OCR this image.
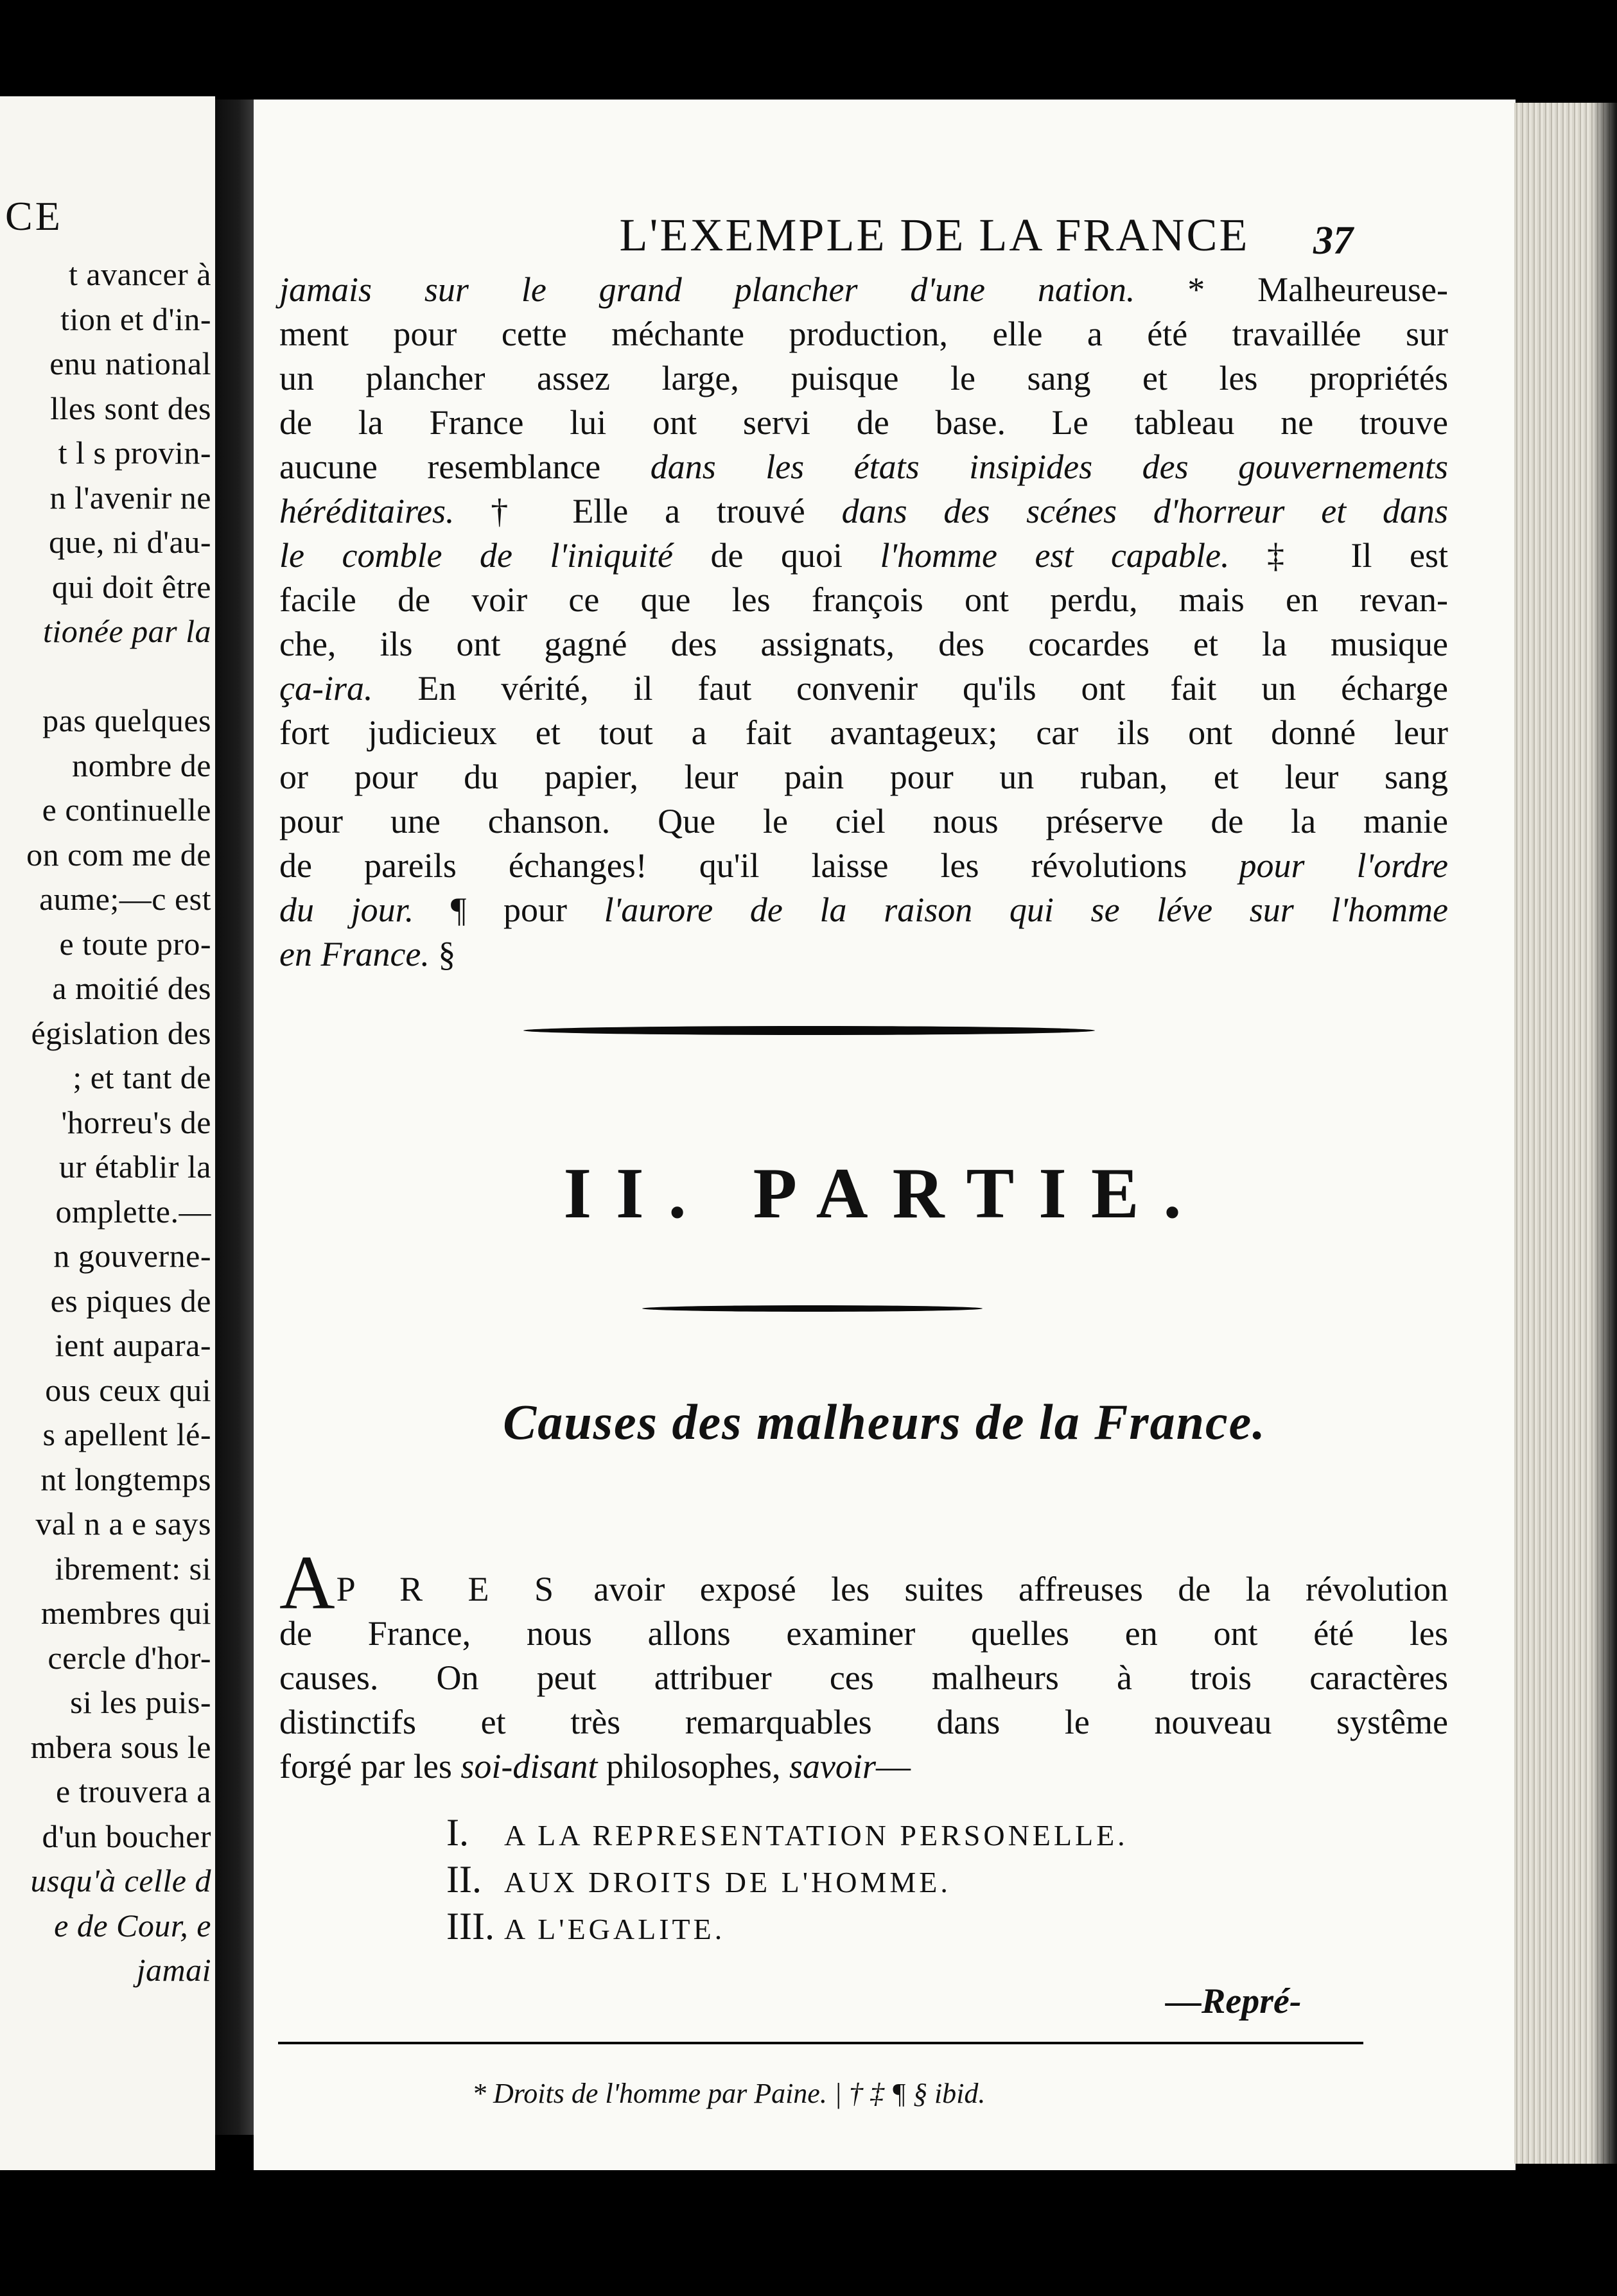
CE
t avancer à
tion et d'in-
enu national
lles sont des
t l s provin-
n l'avenir ne
que, ni d'au-
qui doit être
tionée par la
pas quelques
nombre de
e continuelle
on com me de
aume;—c est
e toute pro-
a moitié des
égislation des
; et tant de
'horreu's de
ur établir la
omplette.—
n gouverne-
es piques de
ient aupara-
ous ceux qui
s apellent lé-
nt longtemps
val n a e says
ibrement: si
membres qui
cercle d'hor-
si les puis-
mbera sous le
e trouvera a
d'un boucher
usqu'à celle d
e de Cour, e
jamai
L'EXEMPLE DE LA FRANCE	37
jamais sur le grand plancher d'une nation. * Malheureuse-
ment pour cette méchante production, elle a été travaillée sur
un plancher assez large, puisque le sang et les propriétés
de la France lui ont servi de base. Le tableau ne trouve
aucune resemblance dans les états insipides des gouvernements
héréditaires. † Elle a trouvé dans des scénes d'horreur et dans
le comble de l'iniquité de quoi l'homme est capable. ‡ Il est
facile de voir ce que les françois ont perdu, mais en revan-
che, ils ont gagné des assignats, des cocardes et la musique
ça-ira. En vérité, il faut convenir qu'ils ont fait un écharge
fort judicieux et tout a fait avantageux; car ils ont donné leur
or pour du papier, leur pain pour un ruban, et leur sang
pour une chanson. Que le ciel nous préserve de la manie
de pareils échanges! qu'il laisse les révolutions pour l'ordre
du jour. ¶ pour l'aurore de la raison qui se léve sur l'homme
en France. §
II. PARTIE.
Causes des malheurs de la France.
AP R E S avoir exposé les suites affreuses de la révolution
de France, nous allons examiner quelles en ont été les
causes. On peut attribuer ces malheurs à trois caractères
distinctifs et très remarquables dans le nouveau systême
forgé par les soi-disant philosophes, savoir—
I. A LA REPRESENTATION PERSONELLE.
II. AUX DROITS DE L'HOMME.
III. A L'EGALITE.
—Repré-
* Droits de l'homme par Paine. | † ‡ ¶ § ibid.
